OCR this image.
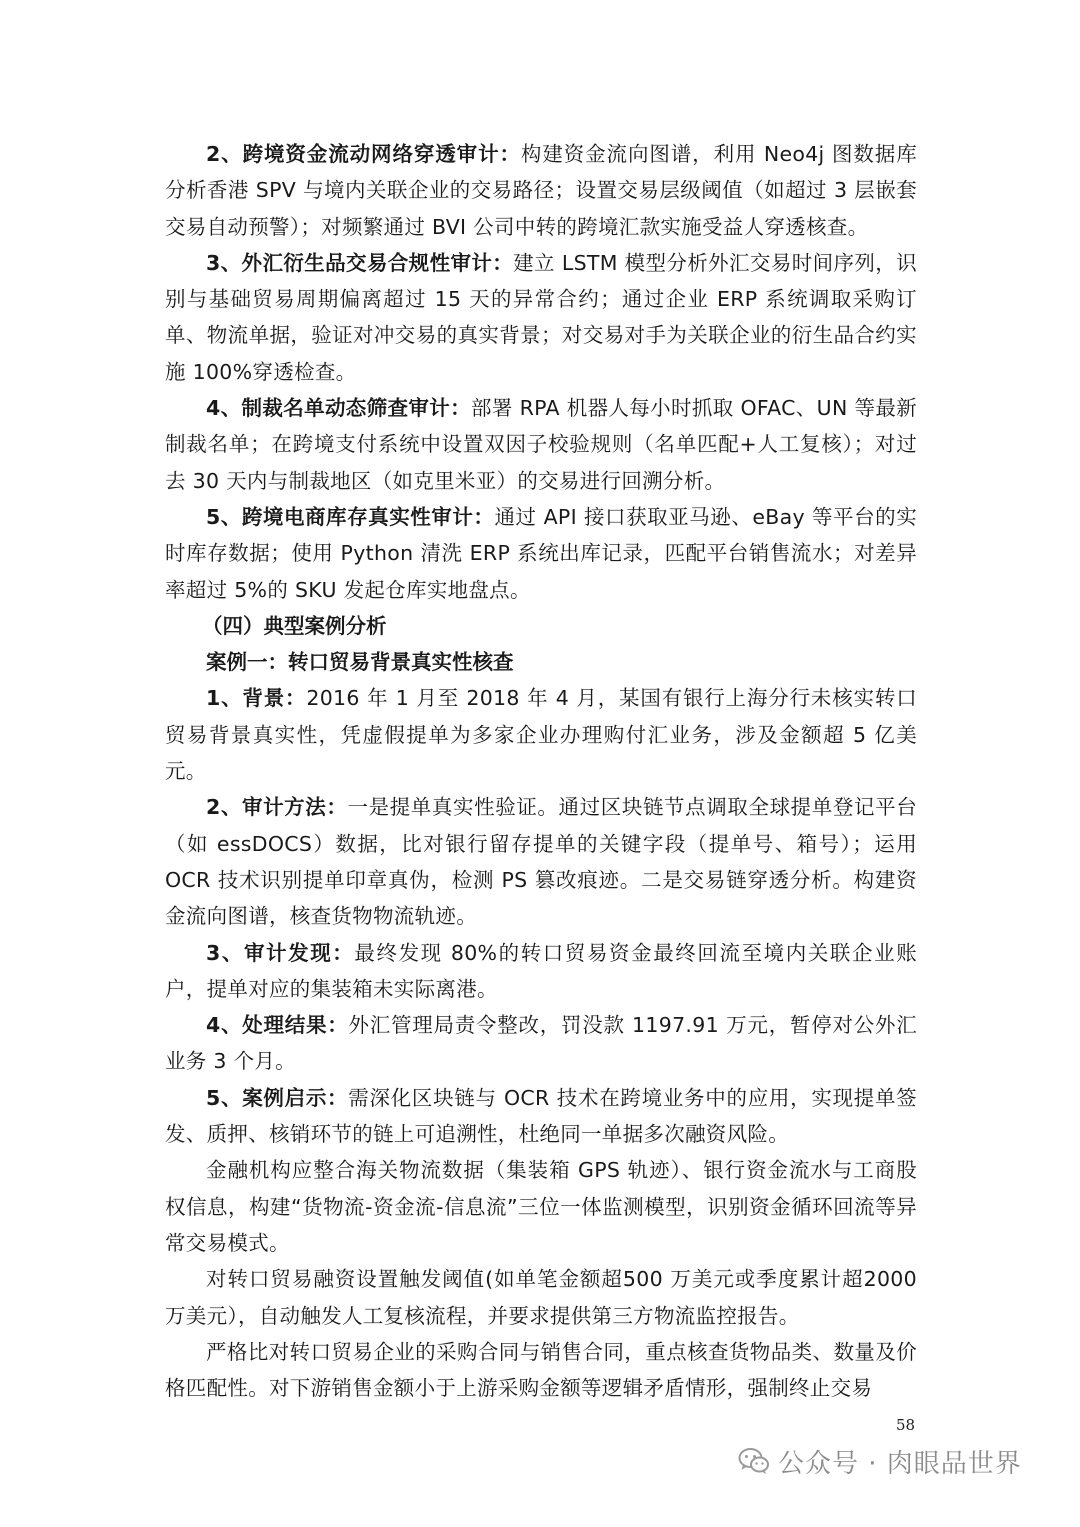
2、跨境资金流动网络穿透审计：构建资金流向图谱，利用 Neo4j 图数据库分析香港 SPV 与境内关联企业的交易路径；设置交易层级阈值（如超过 3 层嵌套交易自动预警）；对频繁通过 BVI 公司中转的跨境汇款实施受益人穿透核查。

3、外汇衍生品交易合规性审计：建立 LSTM 模型分析外汇交易时间序列，识别与基础贸易周期偏离超过 15 天的异常合约；通过企业 ERP 系统调取采购订单、物流单据，验证对冲交易的真实背景；对交易对手为关联企业的衍生品合约实施 100%穿透检查。

4、制裁名单动态筛查审计：部署 RPA 机器人每小时抓取 OFAC、UN 等最新制裁名单；在跨境支付系统中设置双因子校验规则（名单匹配+人工复核）；对过去 30 天内与制裁地区（如克里米亚）的交易进行回溯分析。

5、跨境电商库存真实性审计：通过 API 接口获取亚马逊、eBay 等平台的实时库存数据；使用 Python 清洗 ERP 系统出库记录，匹配平台销售流水；对差异率超过 5%的 SKU 发起仓库实地盘点。

（四）典型案例分析

案例一：转口贸易背景真实性核查

1、背景：2016 年 1 月至 2018 年 4 月，某国有银行上海分行未核实转口贸易背景真实性，凭虚假提单为多家企业办理购付汇业务，涉及金额超 5 亿美元。

2、审计方法：一是提单真实性验证。通过区块链节点调取全球提单登记平台（如 essDOCS）数据，比对银行留存提单的关键字段（提单号、箱号）；运用 OCR 技术识别提单印章真伪，检测 PS 篡改痕迹。二是交易链穿透分析。构建资金流向图谱，核查货物物流轨迹。

3、审计发现：最终发现 80%的转口贸易资金最终回流至境内关联企业账户，提单对应的集装箱未实际离港。

4、处理结果：外汇管理局责令整改，罚没款 1197.91 万元，暂停对公外汇业务 3 个月。

5、案例启示：需深化区块链与 OCR 技术在跨境业务中的应用，实现提单签发、质押、核销环节的链上可追溯性，杜绝同一单据多次融资风险。

金融机构应整合海关物流数据（集装箱 GPS 轨迹）、银行资金流水与工商股权信息，构建“货物流-资金流-信息流”三位一体监测模型，识别资金循环回流等异常交易模式。

对转口贸易融资设置触发阈值(如单笔金额超500 万美元或季度累计超2000万美元），自动触发人工复核流程，并要求提供第三方物流监控报告。

严格比对转口贸易企业的采购合同与销售合同，重点核查货物品类、数量及价格匹配性。对下游销售金额小于上游采购金额等逻辑矛盾情形，强制终止交易

58
公众号 · 肉眼品世界
